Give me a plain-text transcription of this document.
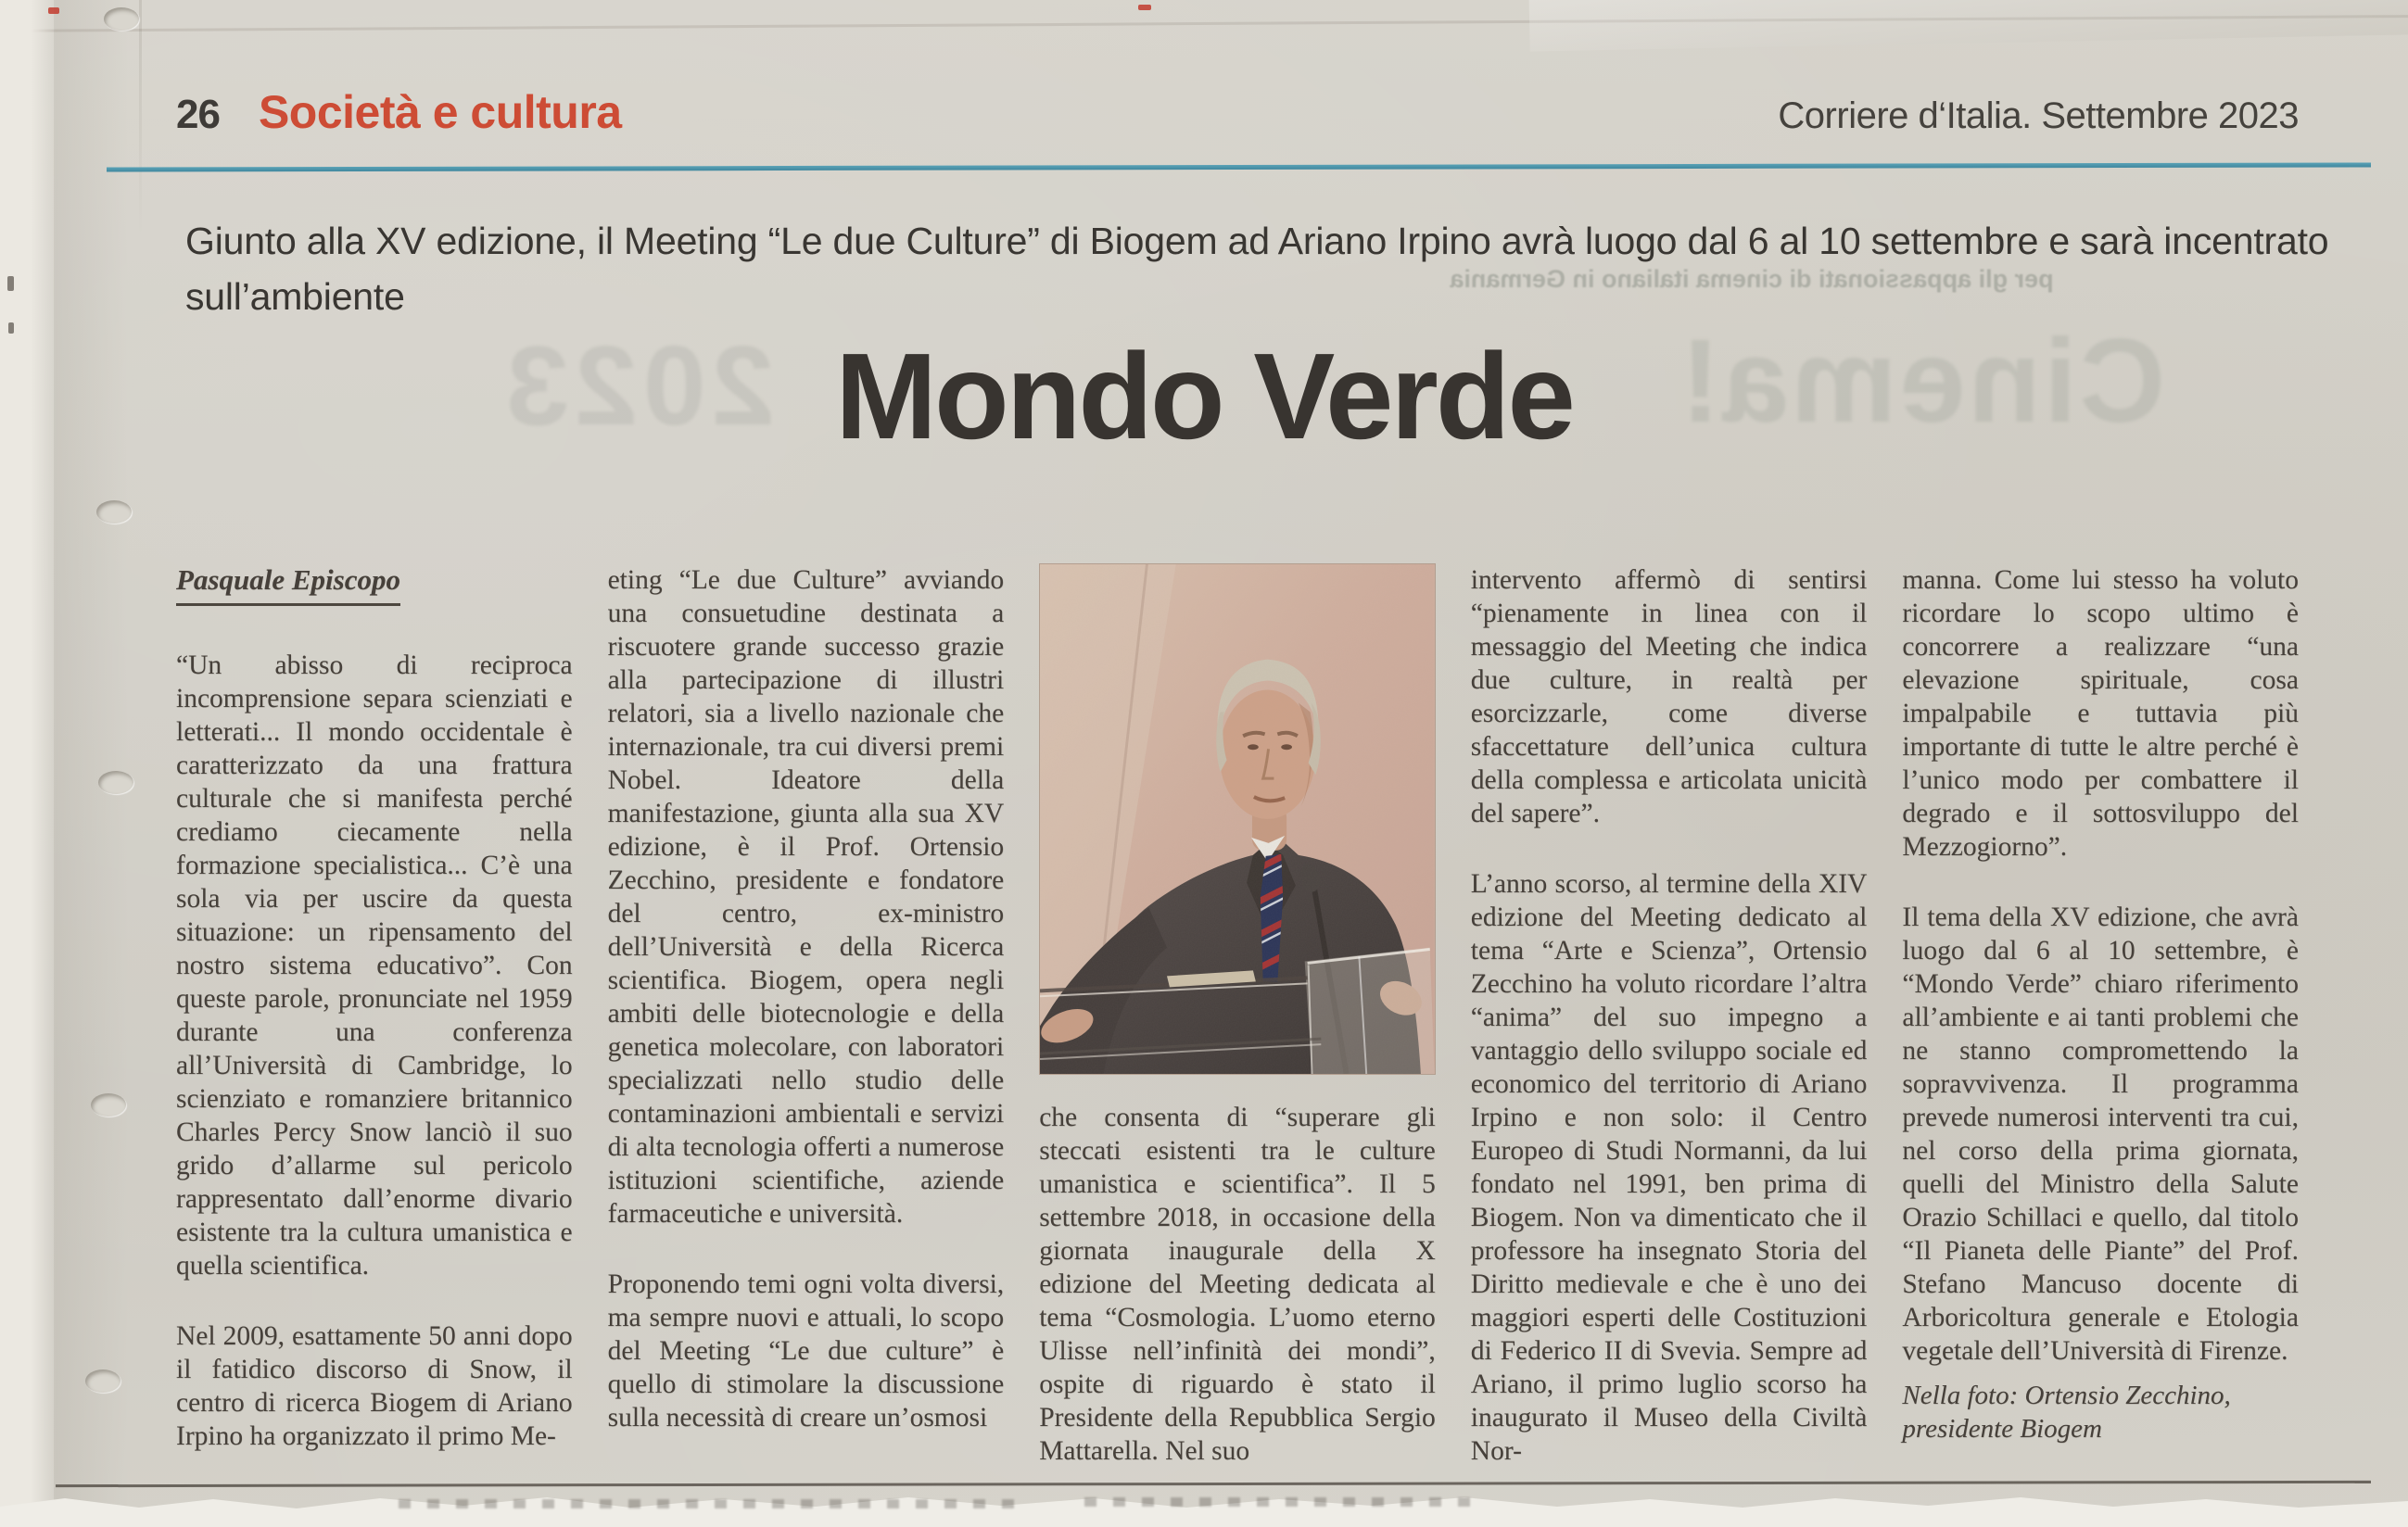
per gli appassionati di cinema italiano in Germania
Cinema!
2023
26 Società e cultura	Corriere d‘Italia. Settembre 2023
Giunto alla XV edizione, il Meeting “Le due Culture” di Biogem ad Ariano Irpino avrà luogo dal 6 al 10 settembre e sarà incentrato sull’ambiente
Mondo Verde
Pasquale Episcopo

“Un abisso di reciproca incomprensione separa scienziati e letterati... Il mondo occidentale è caratterizzato da una frattura culturale che si manifesta perché crediamo ciecamente nella formazione specialistica... C’è una sola via per uscire da questa situazione: un ripensamento del nostro sistema educativo”. Con queste parole, pronunciate nel 1959 durante una conferenza all’Università di Cambridge, lo scienziato e romanziere britannico Charles Percy Snow lanciò il suo grido d’allarme sul pericolo rappresentato dall’enorme divario esistente tra la cultura umanistica e quella scientifica.

Nel 2009, esattamente 50 anni dopo il fatidico discorso di Snow, il centro di ricerca Biogem di Ariano Irpino ha organizzato il primo Me-

eting “Le due Culture” avviando una consuetudine destinata a riscuotere grande successo grazie alla partecipazione di illustri relatori, sia a livello nazionale che internazionale, tra cui diversi premi Nobel. Ideatore della manifestazione, giunta alla sua XV edizione, è il Prof. Ortensio Zecchino, presidente e fondatore del centro, ex-ministro dell’Università e della Ricerca scientifica. Biogem, opera negli ambiti delle biotecnologie e della genetica molecolare, con laboratori specializzati nello studio delle contaminazioni ambientali e servizi di alta tecnologia offerti a numerose istituzioni scientifiche, aziende farmaceutiche e università.

Proponendo temi ogni volta diversi, ma sempre nuovi e attuali, lo scopo del Meeting “Le due culture” è quello di stimolare la discussione sulla necessità di creare un’osmosi

che consenta di “superare gli steccati esistenti tra le culture umanistica e scientifica”. Il 5 settembre 2018, in occasione della giornata inaugurale della X edizione del Meeting dedicata al tema “Cosmologia. L’uomo eterno Ulisse nell’infinità dei mondi”, ospite di riguardo è stato il Presidente della Repubblica Sergio Mattarella. Nel suo

intervento affermò di sentirsi “pienamente in linea con il messaggio del Meeting che indica due culture, in realtà per esorcizzarle, come diverse sfaccettature dell’unica cultura della complessa e articolata unicità del sapere”.

L’anno scorso, al termine della XIV edizione del Meeting dedicato al tema “Arte e Scienza”, Ortensio Zecchino ha voluto ricordare l’altra “anima” del suo impegno a vantaggio dello sviluppo sociale ed economico del territorio di Ariano Irpino e non solo: il Centro Europeo di Studi Normanni, da lui fondato nel 1991, ben prima di Biogem. Non va dimenticato che il professore ha insegnato Storia del Diritto medievale e che è uno dei maggiori esperti delle Costituzioni di Federico II di Svevia. Sempre ad Ariano, il primo luglio scorso ha inaugurato il Museo della Civiltà Nor-

manna. Come lui stesso ha voluto ricordare lo scopo ultimo è concorrere a realizzare “una elevazione spirituale, cosa impalpabile e tuttavia più importante di tutte le altre perché è l’unico modo per combattere il degrado e il sottosviluppo del Mezzogiorno”.

Il tema della XV edizione, che avrà luogo dal 6 al 10 settembre, è “Mondo Verde” chiaro riferimento all’ambiente e ai tanti problemi che ne stanno compromettendo la sopravvivenza. Il programma prevede numerosi interventi tra cui, nel corso della prima giornata, quelli del Ministro della Salute Orazio Schillaci e quello, dal titolo “Il Pianeta delle Piante” del Prof. Stefano Mancuso docente di Arboricoltura generale e Etologia vegetale dell’Università di Firenze.

Nella foto: Ortensio Zecchino, presidente Biogem
